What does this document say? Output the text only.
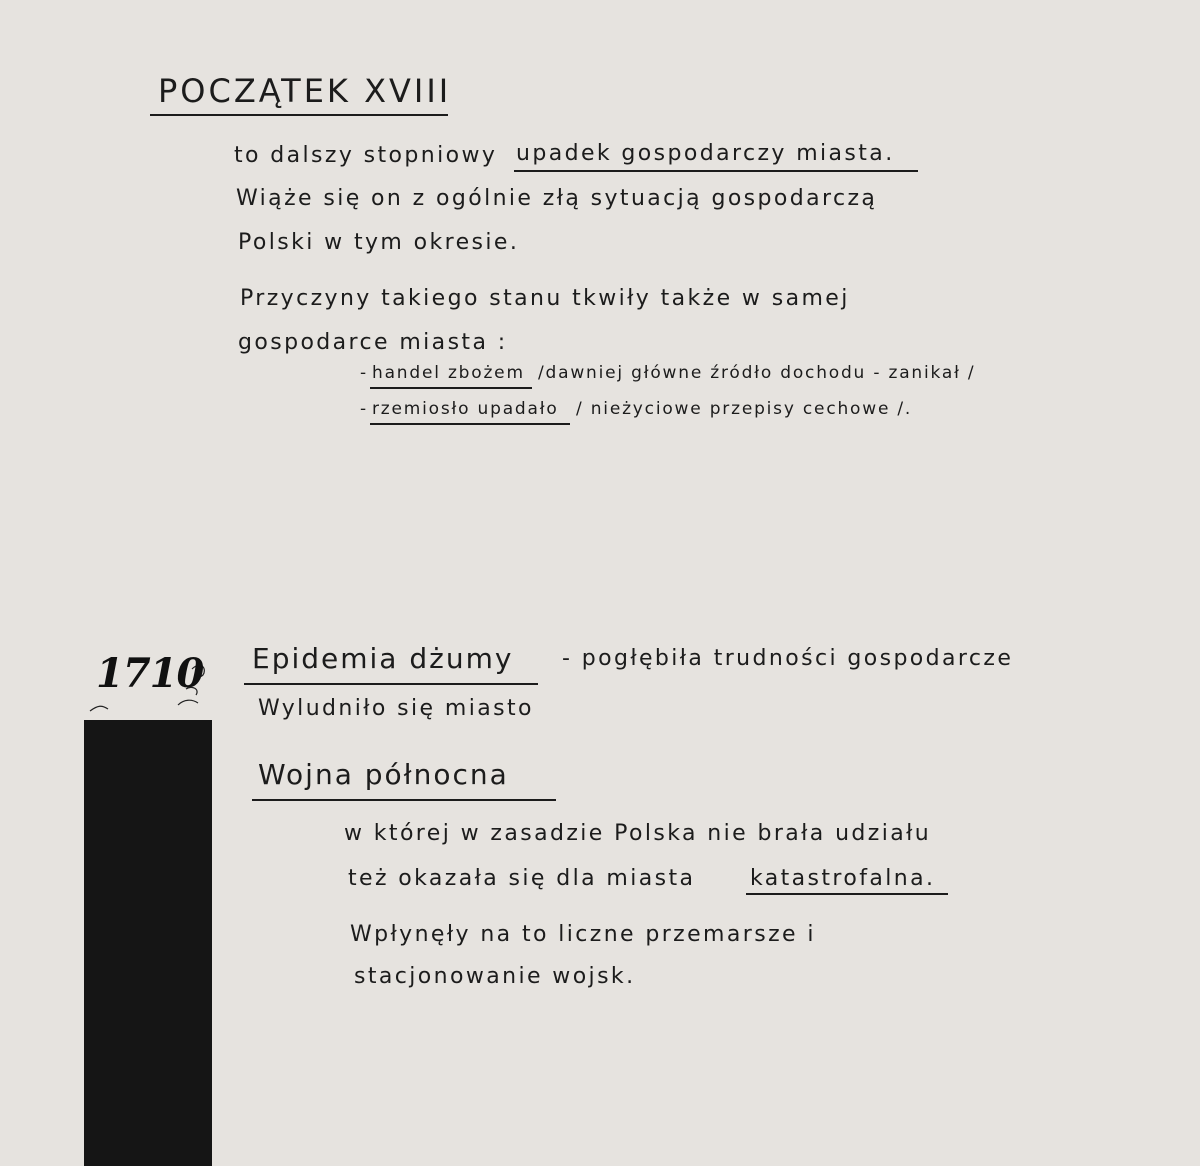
POCZĄTEK XVIII
to dalszy stopniowy upadek gospodarczy miasta.
Wiąże się on z ogólnie złą sytuacją gospodarczą
Polski w tym okresie.
Przyczyny takiego stanu tkwiły także w samej
gospodarce miasta :
- handel zbożem /dawniej główne źródło dochodu - zanikał /
- rzemiosło upadało / nieżyciowe przepisy cechowe /.
1710 Epidemia dżumy - pogłębiła trudności gospodarcze
Wyludniło się miasto
Wojna północna
w której w zasadzie Polska nie brała udziału
też okazała się dla miasta katastrofalna.
Wpłynęły na to liczne przemarsze i
stacjonowanie wojsk.
